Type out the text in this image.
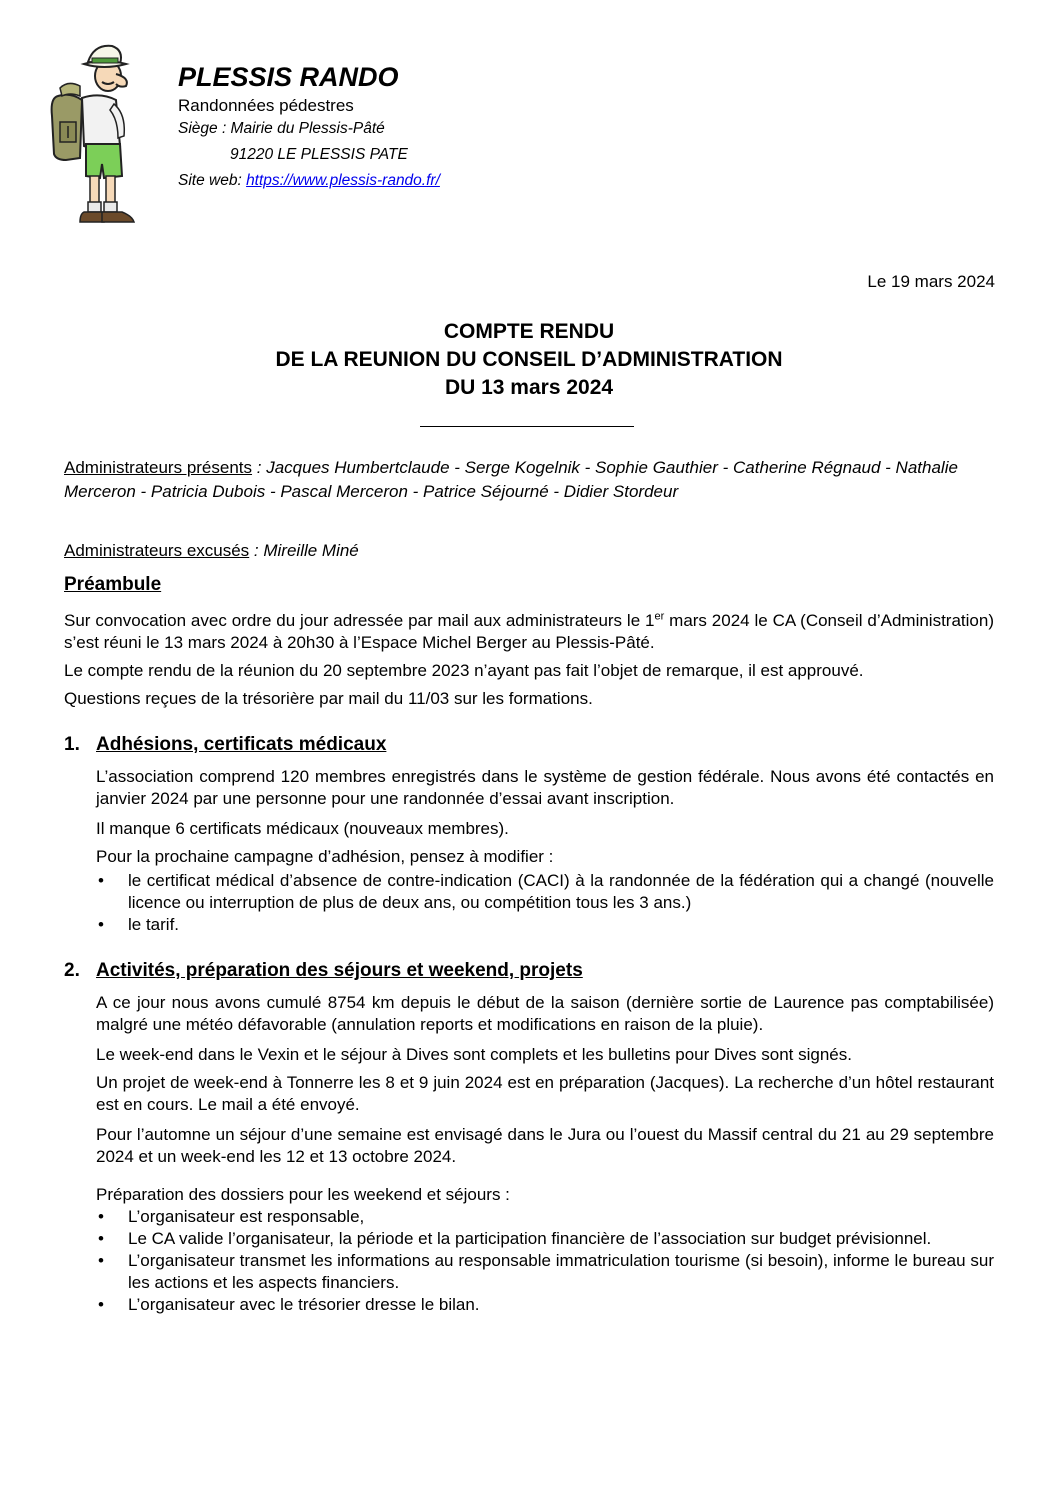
PLESSIS RANDO
Randonnées pédestres
Siège : Mairie du Plessis-Pâté
91220 LE PLESSIS PATE
Site web: https://www.plessis-rando.fr/
Le 19 mars 2024
COMPTE RENDU
DE LA REUNION DU CONSEIL D’ADMINISTRATION
DU 13 mars 2024
Administrateurs présents : Jacques Humbertclaude - Serge Kogelnik - Sophie Gauthier - Catherine Régnaud - Nathalie Merceron - Patricia Dubois - Pascal Merceron - Patrice Séjourné - Didier Stordeur
Administrateurs excusés : Mireille Miné
Préambule
Sur convocation avec ordre du jour adressée par mail aux administrateurs le 1er mars 2024 le CA (Conseil d’Administration) s’est réuni le 13 mars 2024 à 20h30 à l’Espace Michel Berger au Plessis-Pâté.
Le compte rendu de la réunion du 20 septembre 2023 n’ayant pas fait l’objet de remarque, il est approuvé.
Questions reçues de la trésorière par mail du 11/03 sur les formations.
1. Adhésions, certificats médicaux
L’association comprend 120 membres enregistrés dans le système de gestion fédérale. Nous avons été contactés en janvier 2024 par une personne pour une randonnée d’essai avant inscription.
Il manque 6 certificats médicaux (nouveaux membres).
Pour la prochaine campagne d’adhésion, pensez à modifier :
• le certificat médical d’absence de contre-indication (CACI) à la randonnée de la fédération qui a changé (nouvelle licence ou interruption de plus de deux ans, ou compétition tous les 3 ans.)
• le tarif.
2. Activités, préparation des séjours et weekend, projets
A ce jour nous avons cumulé 8754 km depuis le début de la saison (dernière sortie de Laurence pas comptabilisée) malgré une météo défavorable (annulation reports et modifications en raison de la pluie).
Le week-end dans le Vexin et le séjour à Dives sont complets et les bulletins pour Dives sont signés.
Un projet de week-end à Tonnerre les 8 et 9 juin 2024 est en préparation (Jacques). La recherche d’un hôtel restaurant est en cours. Le mail a été envoyé.
Pour l’automne un séjour d’une semaine est envisagé dans le Jura ou l’ouest du Massif central du 21 au 29 septembre 2024 et un week-end les 12 et 13 octobre 2024.
Préparation des dossiers pour les weekend et séjours :
• L’organisateur est responsable,
• Le CA valide l’organisateur, la période et la participation financière de l’association sur budget prévisionnel.
• L’organisateur transmet les informations au responsable immatriculation tourisme (si besoin), informe le bureau sur les actions et les aspects financiers.
• L’organisateur avec le trésorier dresse le bilan.
